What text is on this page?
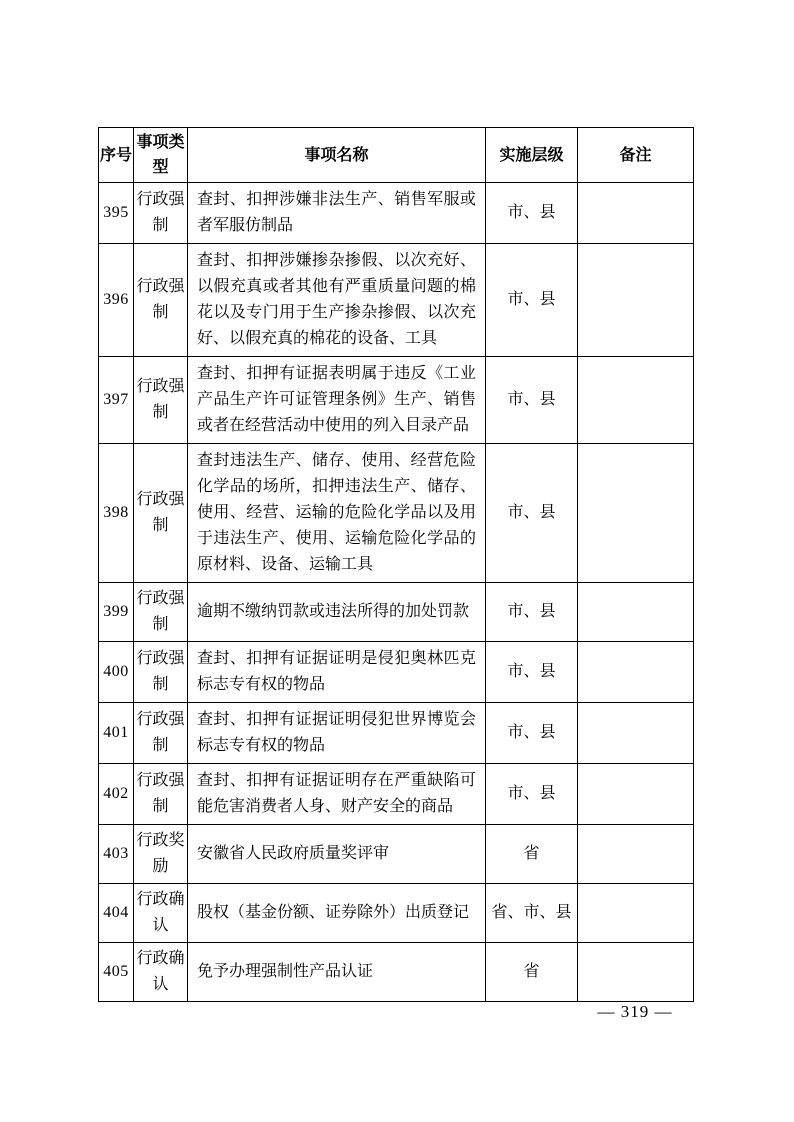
序号	事项类型	事项名称	实施层级	备注
395	行政强制	查封、扣押涉嫌非法生产、销售军服或者军服仿制品	市、县	
396	行政强制	查封、扣押涉嫌掺杂掺假、以次充好、以假充真或者其他有严重质量问题的棉花以及专门用于生产掺杂掺假、以次充好、以假充真的棉花的设备、工具	市、县	
397	行政强制	查封、扣押有证据表明属于违反《工业产品生产许可证管理条例》生产、销售或者在经营活动中使用的列入目录产品	市、县	
398	行政强制	查封违法生产、储存、使用、经营危险化学品的场所，扣押违法生产、储存、使用、经营、运输的危险化学品以及用于违法生产、使用、运输危险化学品的原材料、设备、运输工具	市、县	
399	行政强制	逾期不缴纳罚款或违法所得的加处罚款	市、县	
400	行政强制	查封、扣押有证据证明是侵犯奥林匹克标志专有权的物品	市、县	
401	行政强制	查封、扣押有证据证明侵犯世界博览会标志专有权的物品	市、县	
402	行政强制	查封、扣押有证据证明存在严重缺陷可能危害消费者人身、财产安全的商品	市、县	
403	行政奖励	安徽省人民政府质量奖评审	省	
404	行政确认	股权（基金份额、证券除外）出质登记	省、市、县	
405	行政确认	免予办理强制性产品认证	省	
— 319 —
